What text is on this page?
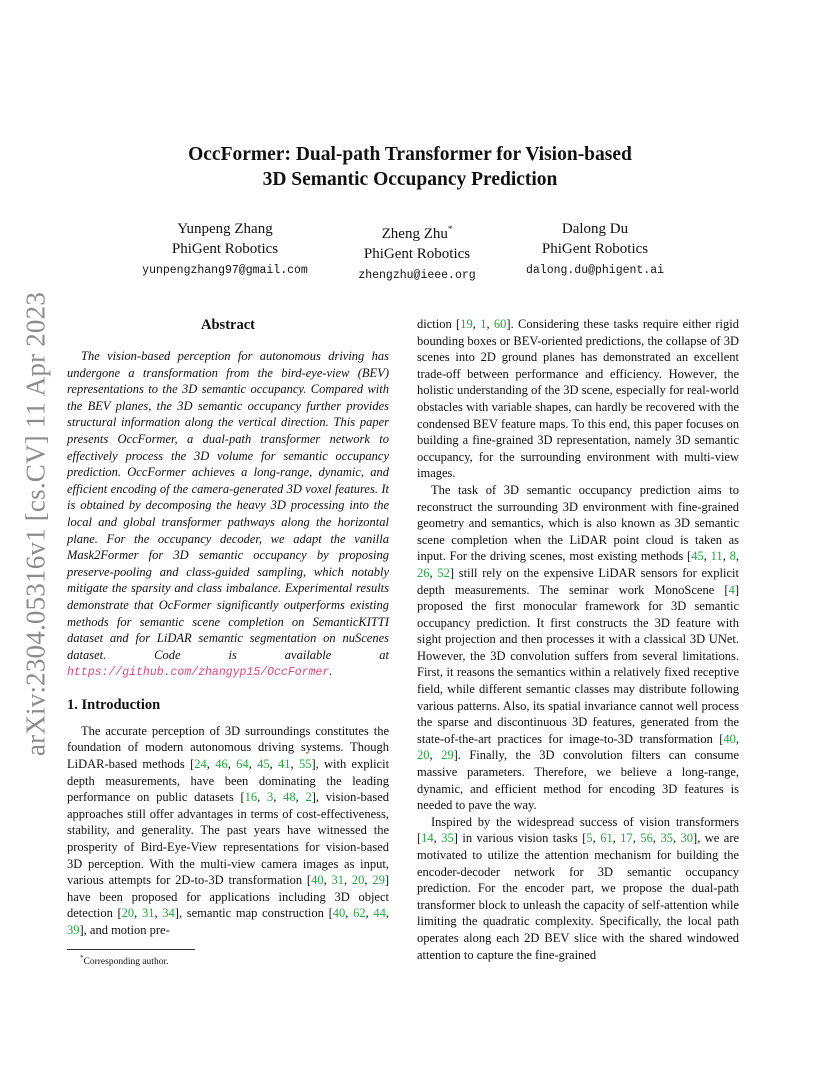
arXiv:2304.05316v1 [cs.CV] 11 Apr 2023
OccFormer: Dual-path Transformer for Vision-based
3D Semantic Occupancy Prediction
Yunpeng Zhang
PhiGent Robotics
yunpengzhang97@gmail.com
Zheng Zhu*
PhiGent Robotics
zhengzhu@ieee.org
Dalong Du
PhiGent Robotics
dalong.du@phigent.ai
Abstract

The vision-based perception for autonomous driving has undergone a transformation from the bird-eye-view (BEV) representations to the 3D semantic occupancy. Compared with the BEV planes, the 3D semantic occupancy further provides structural information along the vertical direction. This paper presents OccFormer, a dual-path transformer network to effectively process the 3D volume for semantic occupancy prediction. OccFormer achieves a long-range, dynamic, and efficient encoding of the camera-generated 3D voxel features. It is obtained by decomposing the heavy 3D processing into the local and global transformer pathways along the horizontal plane. For the occupancy decoder, we adapt the vanilla Mask2Former for 3D semantic occupancy by proposing preserve-pooling and class-guided sampling, which notably mitigate the sparsity and class imbalance. Experimental results demonstrate that OcFormer significantly outperforms existing methods for semantic scene completion on SemanticKITTI dataset and for LiDAR semantic segmentation on nuScenes dataset. Code is available at https://github.com/zhangyp15/OccFormer.

1. Introduction

The accurate perception of 3D surroundings constitutes the foundation of modern autonomous driving systems. Though LiDAR-based methods [24, 46, 64, 45, 41, 55], with explicit depth measurements, have been dominating the leading performance on public datasets [16, 3, 48, 2], vision-based approaches still offer advantages in terms of cost-effectiveness, stability, and generality. The past years have witnessed the prosperity of Bird-Eye-View representations for vision-based 3D perception. With the multi-view camera images as input, various attempts for 2D-to-3D transformation [40, 31, 20, 29] have been proposed for applications including 3D object detection [20, 31, 34], semantic map construction [40, 62, 44, 39], and motion pre-

diction [19, 1, 60]. Considering these tasks require either rigid bounding boxes or BEV-oriented predictions, the collapse of 3D scenes into 2D ground planes has demonstrated an excellent trade-off between performance and efficiency. However, the holistic understanding of the 3D scene, especially for real-world obstacles with variable shapes, can hardly be recovered with the condensed BEV feature maps. To this end, this paper focuses on building a fine-grained 3D representation, namely 3D semantic occupancy, for the surrounding environment with multi-view images.

The task of 3D semantic occupancy prediction aims to reconstruct the surrounding 3D environment with fine-grained geometry and semantics, which is also known as 3D semantic scene completion when the LiDAR point cloud is taken as input. For the driving scenes, most existing methods [45, 11, 8, 26, 52] still rely on the expensive LiDAR sensors for explicit depth measurements. The seminar work MonoScene [4] proposed the first monocular framework for 3D semantic occupancy prediction. It first constructs the 3D feature with sight projection and then processes it with a classical 3D UNet. However, the 3D convolution suffers from several limitations. First, it reasons the semantics within a relatively fixed receptive field, while different semantic classes may distribute following various patterns. Also, its spatial invariance cannot well process the sparse and discontinuous 3D features, generated from the state-of-the-art practices for image-to-3D transformation [40, 20, 29]. Finally, the 3D convolution filters can consume massive parameters. Therefore, we believe a long-range, dynamic, and efficient method for encoding 3D features is needed to pave the way.

Inspired by the widespread success of vision transformers [14, 35] in various vision tasks [5, 61, 17, 56, 35, 30], we are motivated to utilize the attention mechanism for building the encoder-decoder network for 3D semantic occupancy prediction. For the encoder part, we propose the dual-path transformer block to unleash the capacity of self-attention while limiting the quadratic complexity. Specifically, the local path operates along each 2D BEV slice with the shared windowed attention to capture the fine-grained

*Corresponding author.
